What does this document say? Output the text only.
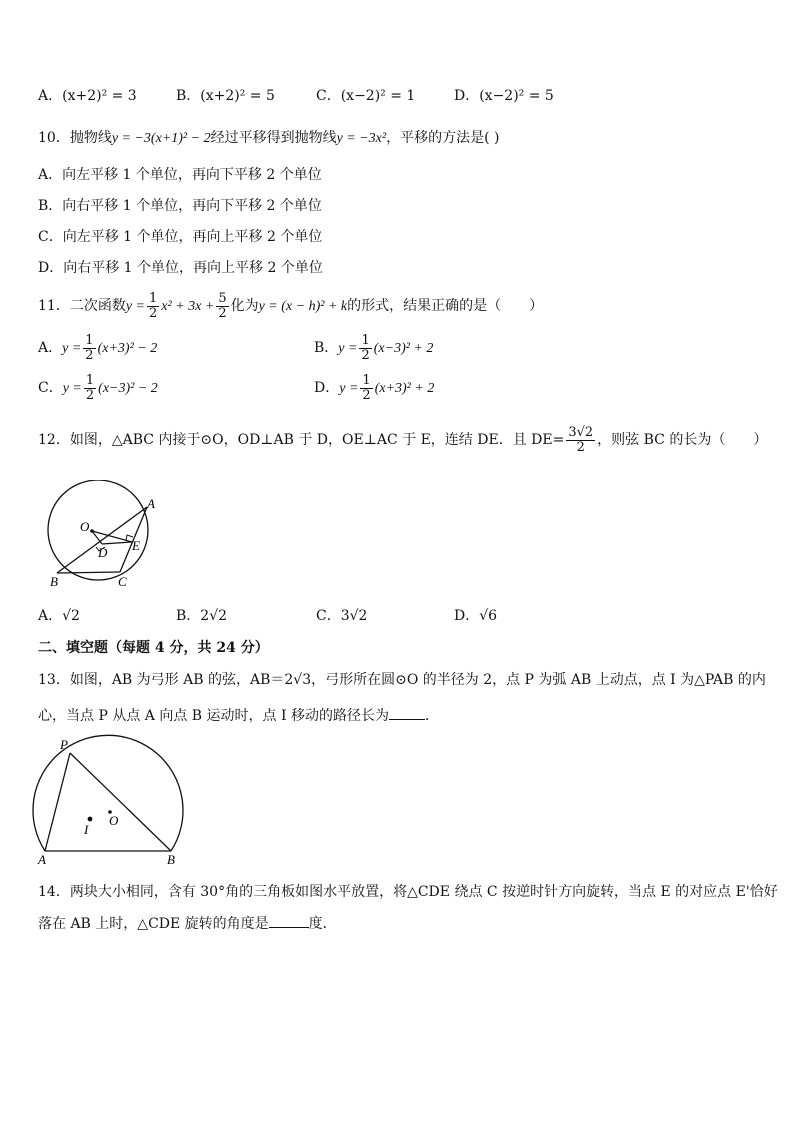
A．(x+2)² = 3	B．(x+2)² = 5	C．(x−2)² = 1	D．(x−2)² = 5
10．抛物线y = −3(x+1)² − 2经过平移得到抛物线y = −3x²，平移的方法是( )
A．向左平移 1 个单位，再向下平移 2 个单位
B．向右平移 1 个单位，再向下平移 2 个单位
C．向左平移 1 个单位，再向上平移 2 个单位
D．向右平移 1 个单位，再向上平移 2 个单位
11．二次函数$y = \frac{1}{2} x^2 + 3x + \frac{5}{2}$ 化为y = (x − h)² + k的形式，结果正确的是（　　）
A．$y = \frac{1}{2} (x+3)^2 - 2$	B．$y = \frac{1}{2} (x-3)^2 + 2$
C．$y = \frac{1}{2} (x-3)^2 - 2$	D．$y = \frac{1}{2} (x+3)^2 + 2$
12．如图，△ABC 内接于⊙O，OD⊥AB 于 D，OE⊥AC 于 E，连结 DE．且 $DE= \frac{3√2}{2}$ ，则弦 BC 的长为（　　）
A
O
D E
B	C
A．√2	B．2√2	C．3√2	D．√6
二、填空题（每题 4 分，共 24 分）
13．如图，AB 为弓形 AB 的弦，AB＝2√3，弓形所在圆⊙O 的半径为 2，点 P 为弧 AB 上动点，点 I 为△PAB 的内
心，当点 P 从点 A 向点 B 运动时，点 I 移动的路径长为	．
P
O
I
A	B
14．两块大小相同，含有 30°角的三角板如图水平放置，将△CDE 绕点 C 按逆时针方向旋转，当点 E 的对应点 E'恰好
落在 AB 上时，△CDE 旋转的角度是	度．
